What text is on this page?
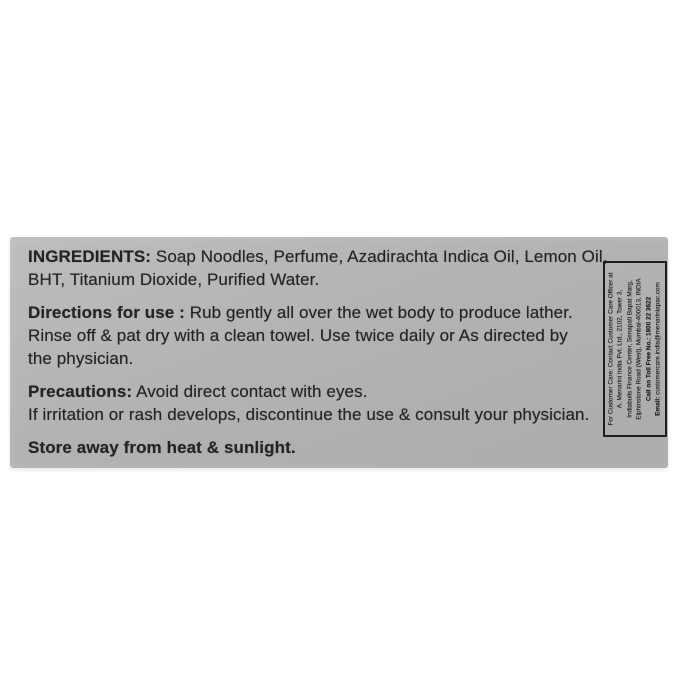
INGREDIENTS: Soap Noodles, Perfume, Azadirachta Indica Oil, Lemon Oil,
BHT, Titanium Dioxide, Purified Water.
Directions for use : Rub gently all over the wet body to produce lather.
Rinse off & pat dry with a clean towel. Use twice daily or As directed by
the physician.
Precautions: Avoid direct contact with eyes.
If irritation or rash develops, discontinue the use & consult your physician.
Store away from heat & sunlight.
For Customer Care: Contact Customer Care Officer at A. Menarini India Pvt. Ltd., 2102, Tower 3, Indiabulls Finance Center, Senapati Bapat Marg, Elphinstone Road (West), Mumbai-400013, INDIA Call on Toll Free No.: 1800 22 3622
Email: customercare.india@menariniapac.com
